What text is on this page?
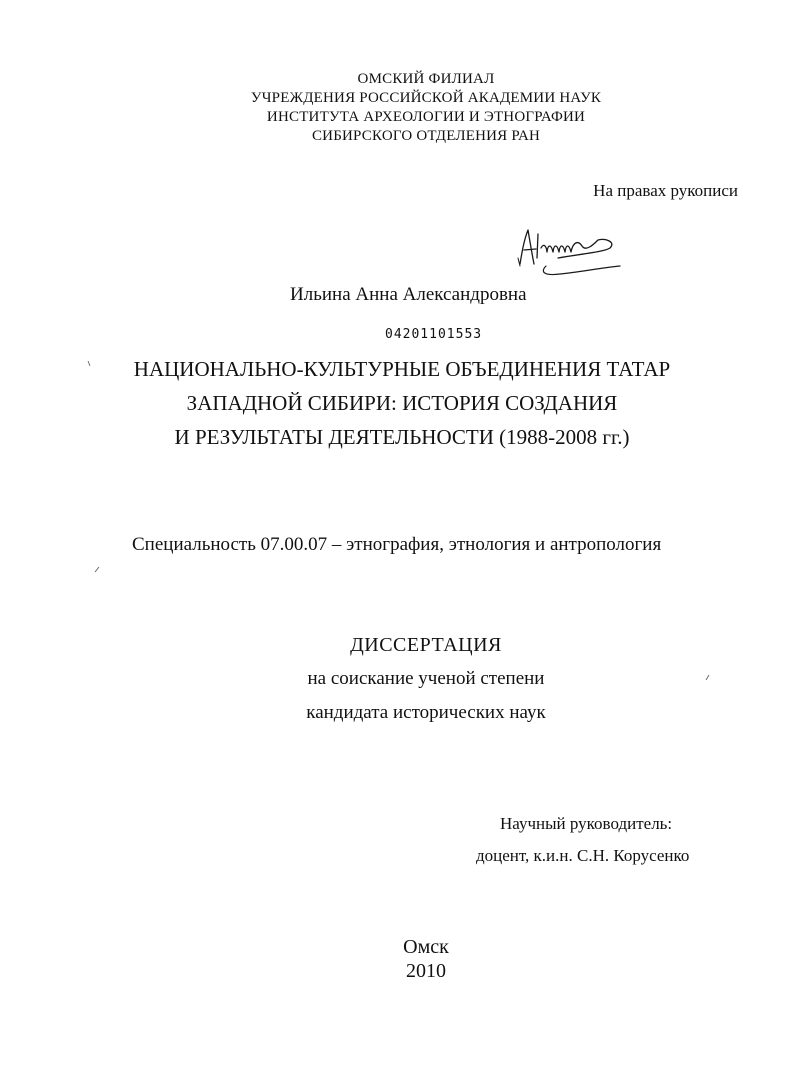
ОМСКИЙ ФИЛИАЛ
УЧРЕЖДЕНИЯ РОССИЙСКОЙ АКАДЕМИИ НАУК
ИНСТИТУТА АРХЕОЛОГИИ И ЭТНОГРАФИИ
СИБИРСКОГО ОТДЕЛЕНИЯ РАН
На правах рукописи
Ильина Анна Александровна
04201101553
НАЦИОНАЛЬНО-КУЛЬТУРНЫЕ ОБЪЕДИНЕНИЯ ТАТАР
ЗАПАДНОЙ СИБИРИ: ИСТОРИЯ СОЗДАНИЯ
И РЕЗУЛЬТАТЫ ДЕЯТЕЛЬНОСТИ (1988-2008 гг.)
Специальность 07.00.07 – этнография, этнология и антропология
ДИССЕРТАЦИЯ
на соискание ученой степени
кандидата исторических наук
Научный руководитель:
доцент, к.и.н. С.Н. Корусенко
Омск
2010
